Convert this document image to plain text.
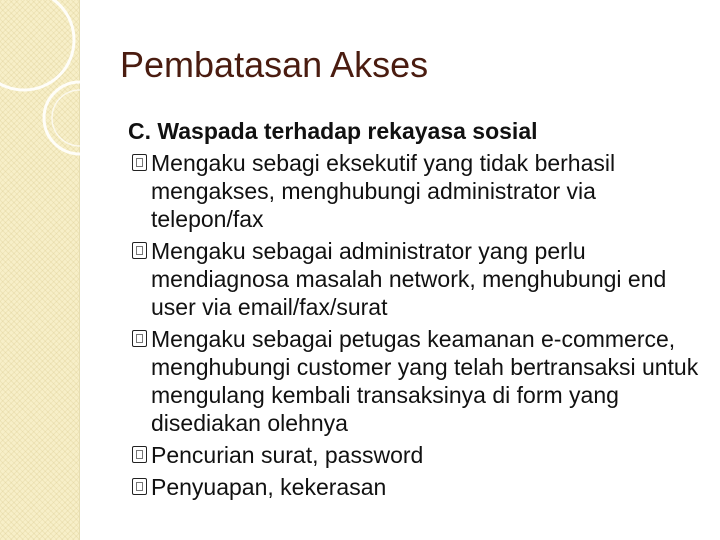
Pembatasan Akses

C. Waspada terhadap rekayasa sosial

Mengaku sebagi eksekutif yang tidak berhasil mengakses, menghubungi administrator via telepon/fax
Mengaku sebagai administrator yang perlu mendiagnosa masalah network, menghubungi end user via email/fax/surat
Mengaku sebagai petugas keamanan e-commerce, menghubungi customer yang telah bertransaksi untuk mengulang kembali transaksinya di form yang disediakan olehnya
Pencurian surat, password
Penyuapan, kekerasan
